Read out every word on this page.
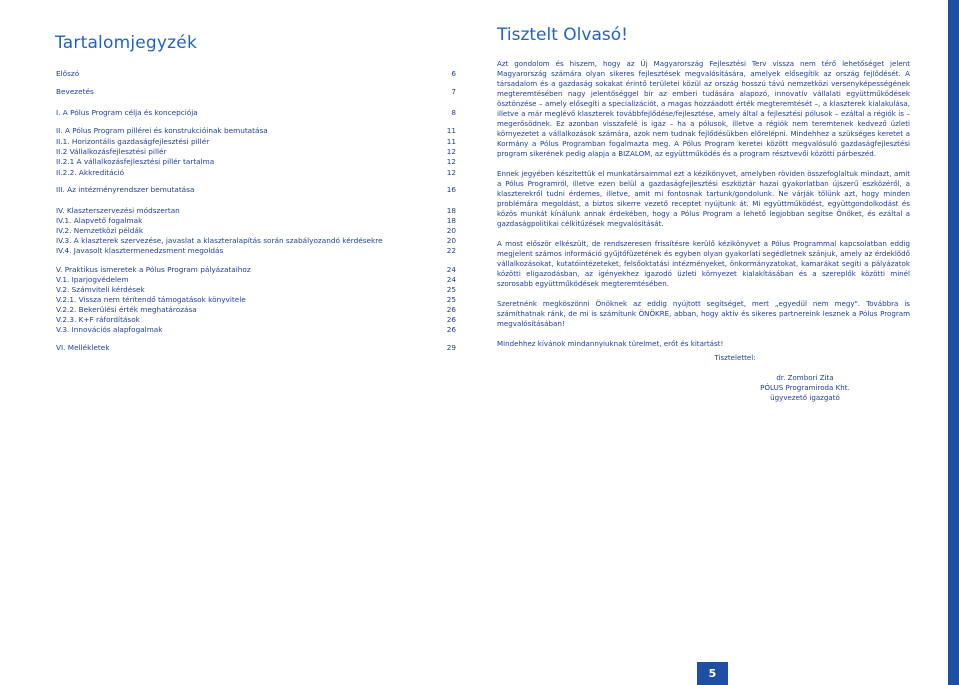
Tartalomjegyzék
Előszó	6
Bevezetés	7
I. A Pólus Program célja és koncepciója	8
II. A Pólus Program pillérei és konstrukcióinak bemutatása	11
II.1. Horizontális gazdaságfejlesztési pillér	11
II.2 Vállalkozásfejlesztési pillér	12
II.2.1 A vállalkozásfejlesztési pillér tartalma	12
II.2.2. Akkreditáció	12
III. Az intézményrendszer bemutatása	16
IV. Klaszterszervezési módszertan	18
IV.1. Alapvető fogalmak	18
IV.2. Nemzetközi példák	20
IV.3. A klaszterek szervezése, javaslat a klaszteralapítás során szabályozandó kérdésekre	20
IV.4. Javasolt klasztermenedzsment megoldás	22
V. Praktikus ismeretek a Pólus Program pályázataihoz	24
V.1. Iparjogvédelem	24
V.2. Számviteli kérdések	25
V.2.1. Vissza nem térítendő támogatások könyvitele	25
V.2.2. Bekerülési érték meghatározása	26
V.2.3. K+F ráfordítások	26
V.3. Innovációs alapfogalmak	26
VI. Mellékletek	29
Tisztelt Olvasó!

Azt gondolom és hiszem, hogy az Új Magyarország Fejlesztési Terv vissza nem térő lehetőséget jelent Magyarország számára olyan sikeres fejlesztések megvalósítására, amelyek elősegítik az ország fejlődését. A társadalom és a gazdaság sokakat érintő területei közül az ország hosszú távú nemzetközi versenyképességének megteremtésében nagy jelentőséggel bír az emberi tudására alapozó, innovatív vállalati együttműködések ösztönzése – amely elősegíti a specializációt, a magas hozzáadott érték megteremtését –, a klaszterek kialakulása, illetve a már meglévő klaszterek továbbfejlődése/fejlesztése, amely által a fejlesztési pólusok – ezáltal a régiók is – megerősödnek. Ez azonban visszafelé is igaz – ha a pólusok, illetve a régiók nem teremtenek kedvező üzleti környezetet a vállalkozások számára, azok nem tudnak fejlődésükben előrelépni. Mindehhez a szükséges keretet a Kormány a Pólus Programban fogalmazta meg. A Pólus Program keretei között megvalósuló gazdaságfejlesztési program sikerének pedig alapja a BIZALOM, az együttműködés és a program résztvevői közötti párbeszéd.

Ennek jegyében készítettük el munkatársaimmal ezt a kézikönyvet, amelyben röviden összefoglaltuk mindazt, amit a Pólus Programról, illetve ezen belül a gazdaságfejlesztési eszköztár hazai gyakorlatban újszerű eszközéről, a klaszterekről tudni érdemes, illetve, amit mi fontosnak tartunk/gondolunk. Ne várják tőlünk azt, hogy minden problémára megoldást, a biztos sikerre vezető receptet nyújtunk át. Mi együttműködést, együttgondolkodást és közös munkát kínálunk annak érdekében, hogy a Pólus Program a lehető legjobban segítse Önöket, és ezáltal a gazdaságpolitikai célkitűzések megvalósítását.

A most először elkészült, de rendszeresen frissítésre kerülő kézikönyvet a Pólus Programmal kapcsolatban eddig megjelent számos információ gyűjtőfüzetének és egyben olyan gyakorlati segédletnek szánjuk, amely az érdeklődő vállalkozásokat, kutatóintézeteket, felsőoktatási intézményeket, önkormányzatokat, kamarákat segíti a pályázatok közötti eligazodásban, az igényekhez igazodó üzleti környezet kialakításában és a szereplők közötti minél szorosabb együttműködések megteremtésében.

Szeretnénk megköszönni Önöknek az eddig nyújtott segítséget, mert „egyedül nem megy". Továbbra is számíthatnak ránk, de mi is számítunk ÖNÖKRE, abban, hogy aktív és sikeres partnereink lesznek a Pólus Program megvalósításában!

Mindehhez kívánok mindannyiuknak türelmet, erőt és kitartást!

Tisztelettel:
dr. Zombori Zita
PÓLUS Programiroda Kht.
ügyvezető igazgató
5
